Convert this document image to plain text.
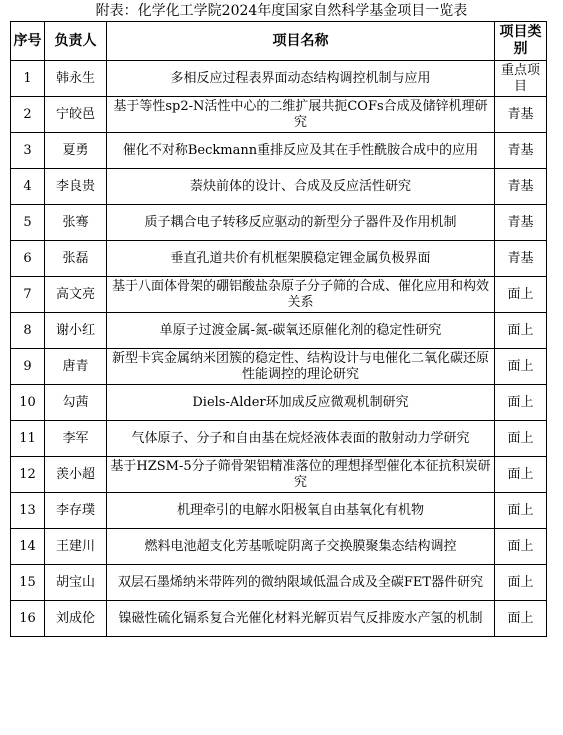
附表：化学化工学院2024年度国家自然科学基金项目一览表
序号	负责人	项目名称	项目类别
1	韩永生	多相反应过程表界面动态结构调控机制与应用	重点项目
2	宁皎邑	基于等性sp2-N活性中心的二维扩展共扼COFs合成及储锌机理研究	青基
3	夏勇	催化不对称Beckmann重排反应及其在手性酰胺合成中的应用	青基
4	李良贵	萘炔前体的设计、合成及反应活性研究	青基
5	张骞	质子耦合电子转移反应驱动的新型分子器件及作用机制	青基
6	张磊	垂直孔道共价有机框架膜稳定锂金属负极界面	青基
7	高文亮	基于八面体骨架的硼铝酸盐杂原子分子筛的合成、催化应用和构效关系	面上
8	谢小红	单原子过渡金属-氮-碳氧还原催化剂的稳定性研究	面上
9	唐青	新型卡宾金属纳米团簇的稳定性、结构设计与电催化二氧化碳还原性能调控的理论研究	面上
10	勾茜	Diels-Alder环加成反应微观机制研究	面上
11	李军	气体原子、分子和自由基在烷烃液体表面的散射动力学研究	面上
12	羡小超	基于HZSM-5分子筛骨架铝精准落位的理想择型催化本征抗积炭研究	面上
13	李存璞	机理牵引的电解水阳极氧自由基氧化有机物	面上
14	王建川	燃料电池超支化芳基哌啶阴离子交换膜聚集态结构调控	面上
15	胡宝山	双层石墨烯纳米带阵列的微纳限域低温合成及全碳FET器件研究	面上
16	刘成伦	镍磁性硫化镉系复合光催化材料光解页岩气反排废水产氢的机制	面上
